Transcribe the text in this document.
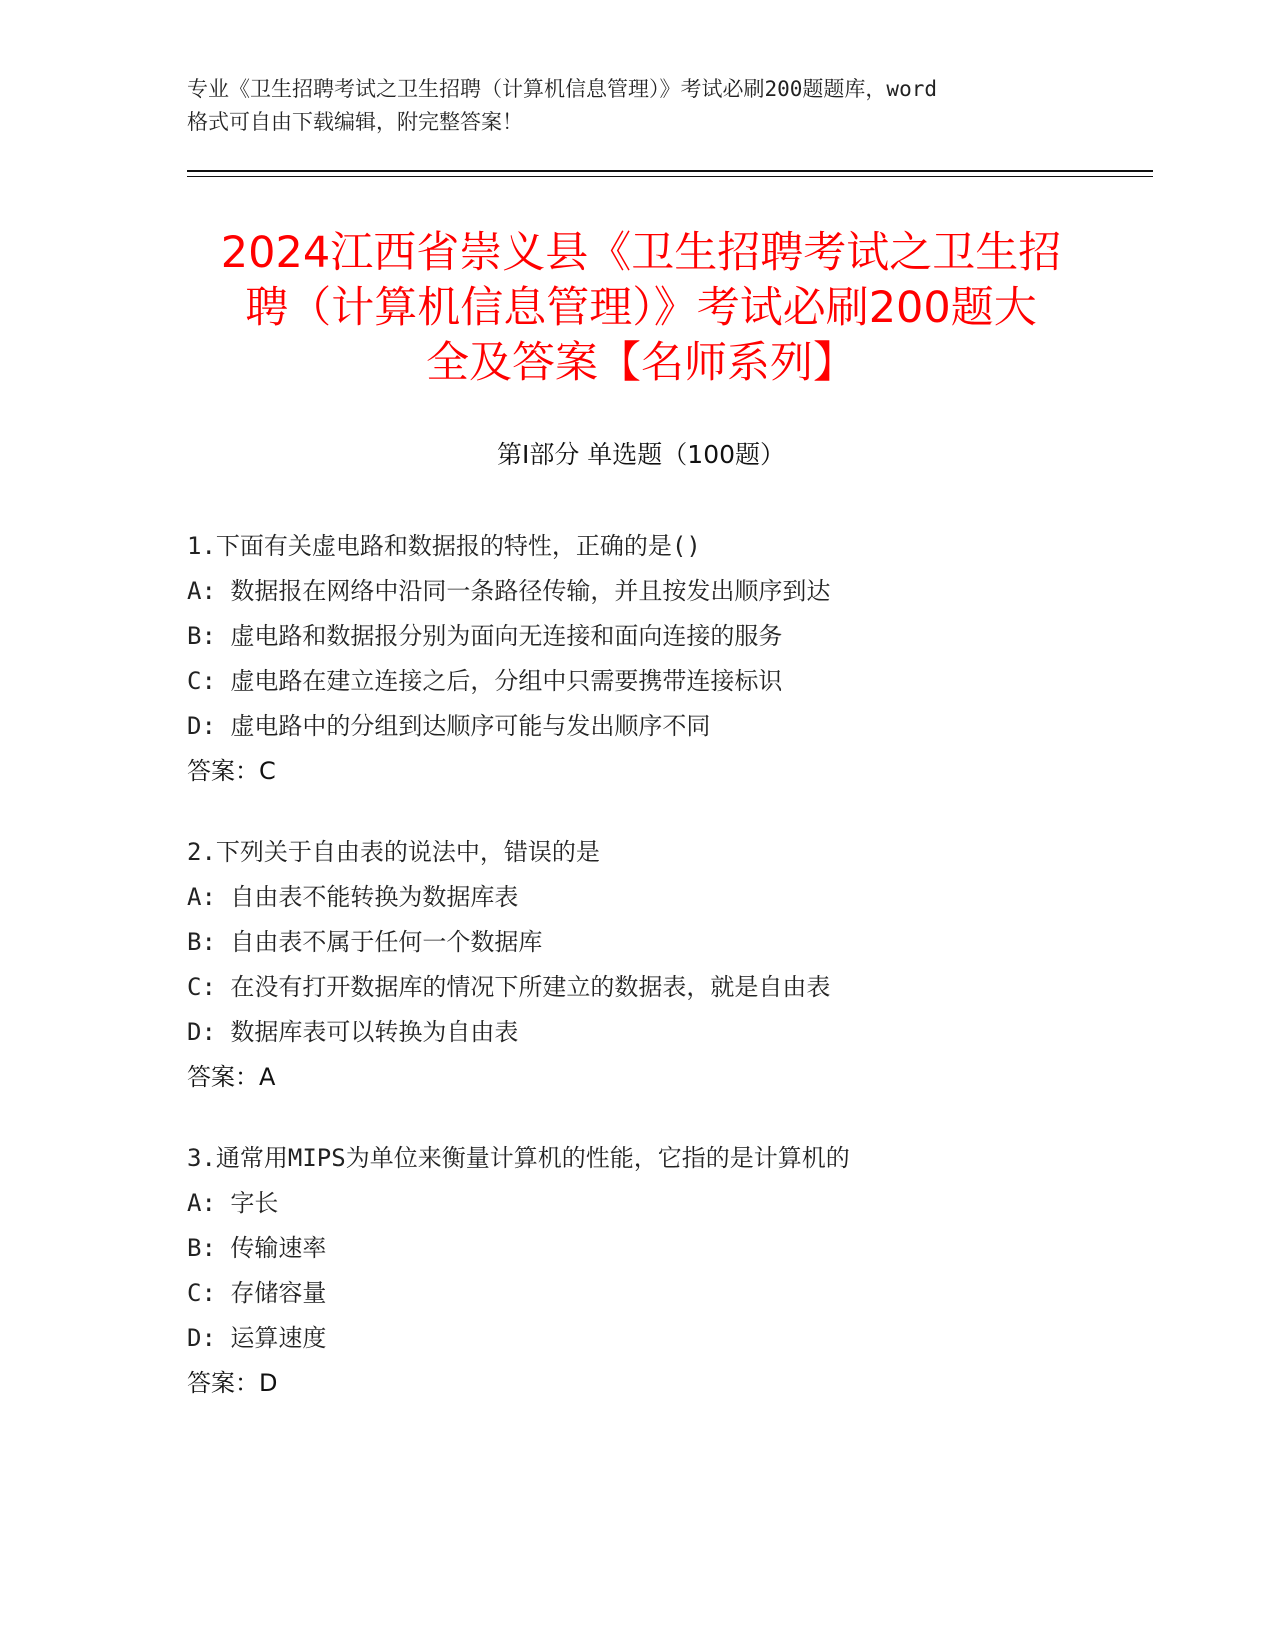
专业《卫生招聘考试之卫生招聘（计算机信息管理）》考试必刷200题题库，word
格式可自由下载编辑，附完整答案！
2024江西省崇义县《卫生招聘考试之卫生招
聘（计算机信息管理）》考试必刷200题大
全及答案【名师系列】
第Ⅰ部分 单选题（100题）
1.下面有关虚电路和数据报的特性，正确的是()
A: 数据报在网络中沿同一条路径传输，并且按发出顺序到达
B: 虚电路和数据报分别为面向无连接和面向连接的服务
C: 虚电路在建立连接之后，分组中只需要携带连接标识
D: 虚电路中的分组到达顺序可能与发出顺序不同
答案：C
2.下列关于自由表的说法中，错误的是
A: 自由表不能转换为数据库表
B: 自由表不属于任何一个数据库
C: 在没有打开数据库的情况下所建立的数据表，就是自由表
D: 数据库表可以转换为自由表
答案：A
3.通常用MIPS为单位来衡量计算机的性能，它指的是计算机的
A: 字长
B: 传输速率
C: 存储容量
D: 运算速度
答案：D
